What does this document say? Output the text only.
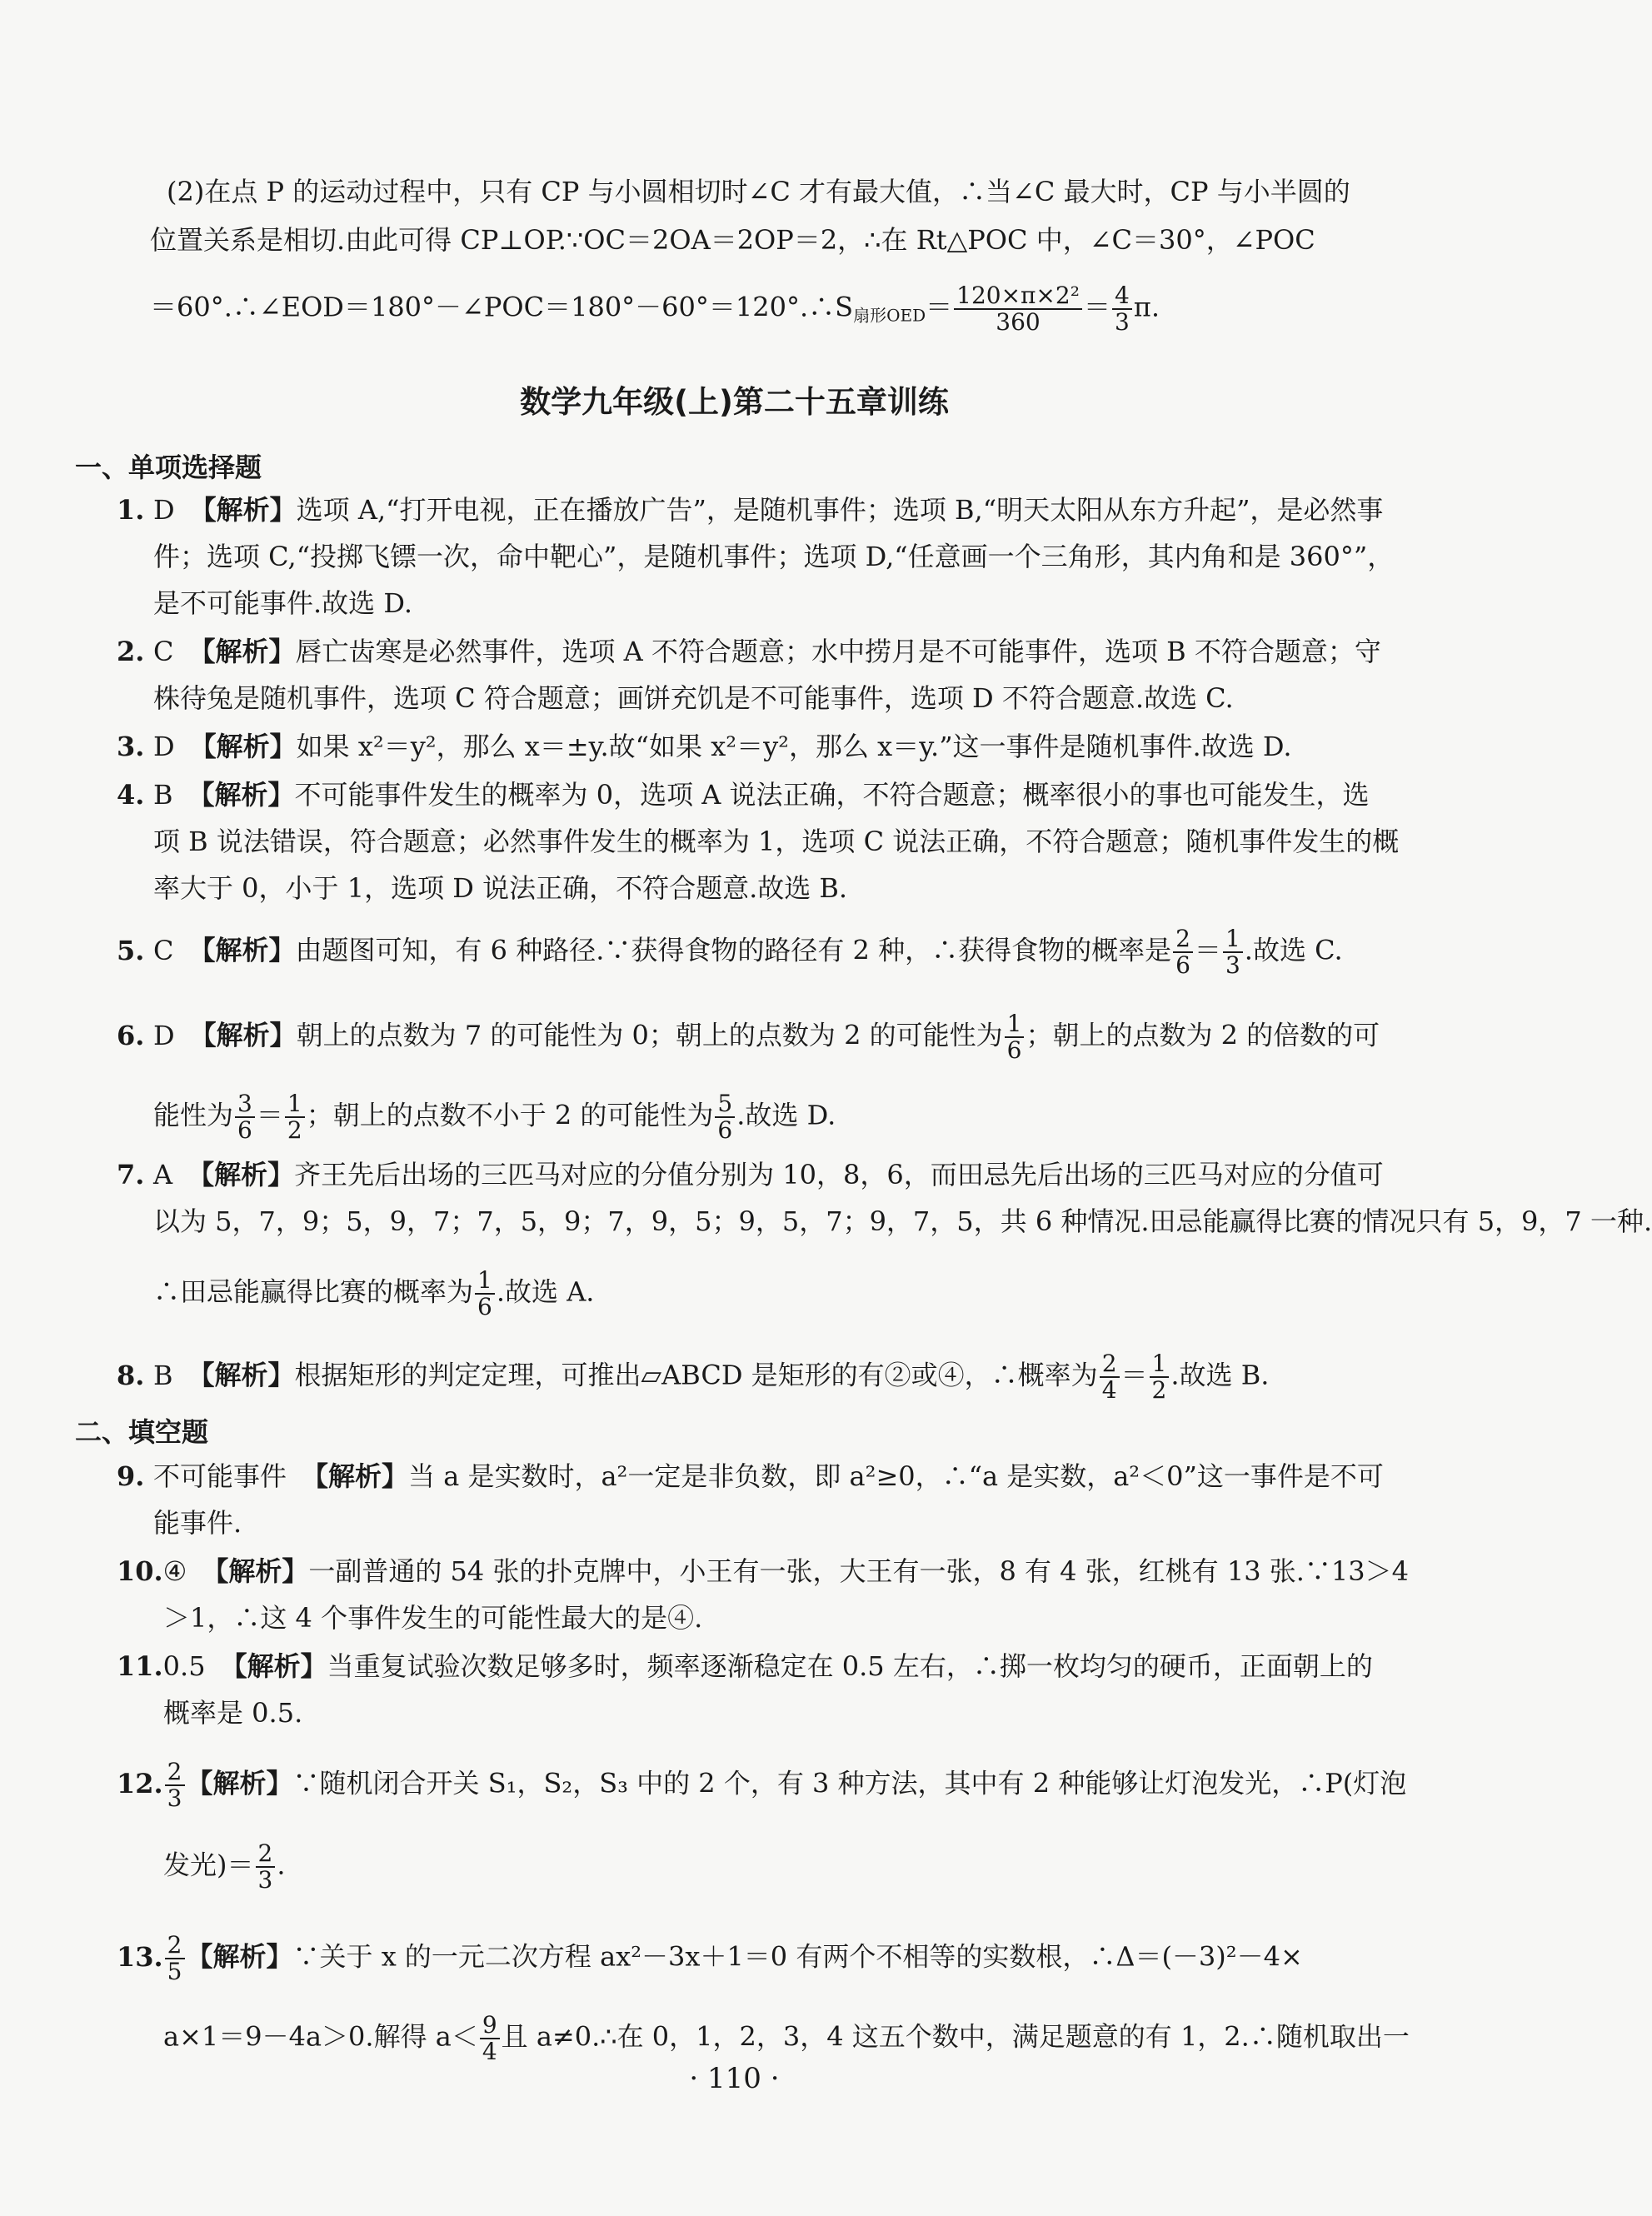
(2)在点 P 的运动过程中，只有 CP 与小圆相切时∠C 才有最大值，∴当∠C 最大时，CP 与小半圆的
位置关系是相切.由此可得 CP⊥OP.∵OC＝2OA＝2OP＝2，∴在 Rt△POC 中，∠C＝30°，∠POC
$=60^\circ.\therefore\angle EOD=180^\circ-\angle POC=180^\circ-60^\circ=120^\circ.\therefore S_{扇形OED}= \frac{\text{120×π×2²}}{360} = \frac{4}{3} \pi$.
数学九年级(上)第二十五章训练
一、单项选择题
1. D 【解析】选项 A,“打开电视，正在播放广告”，是随机事件；选项 B,“明天太阳从东方升起”，是必然事
件；选项 C,“投掷飞镖一次，命中靶心”，是随机事件；选项 D,“任意画一个三角形，其内角和是 360°”，
是不可能事件.故选 D.
2. C 【解析】唇亡齿寒是必然事件，选项 A 不符合题意；水中捞月是不可能事件，选项 B 不符合题意；守
株待兔是随机事件，选项 C 符合题意；画饼充饥是不可能事件，选项 D 不符合题意.故选 C.
3. D 【解析】如果 x²＝y²，那么 x＝±y.故“如果 x²＝y²，那么 x＝y.”这一事件是随机事件.故选 D.
4. B 【解析】不可能事件发生的概率为 0，选项 A 说法正确，不符合题意；概率很小的事也可能发生，选
项 B 说法错误，符合题意；必然事件发生的概率为 1，选项 C 说法正确，不符合题意；随机事件发生的概
率大于 0，小于 1，选项 D 说法正确，不符合题意.故选 B.
5. C 【解析】由题图可知，有 6 种路径.∵获得食物的路径有 2 种，∴获得食物的概率是 $\frac{2}{6} = \frac{1}{3}$ .故选 C.
6. D 【解析】朝上的点数为 7 的可能性为 0；朝上的点数为 2 的可能性为 $\frac{1}{6}$ ；朝上的点数为 2 的倍数的可
能性为 $\frac{3}{6} = \frac{1}{2}$ ；朝上的点数不小于 2 的可能性为 $\frac{5}{6}$ .故选 D.
7. A 【解析】齐王先后出场的三匹马对应的分值分别为 10，8，6，而田忌先后出场的三匹马对应的分值可
以为 5，7，9；5，9，7；7，5，9；7，9，5；9，5，7；9，7，5，共 6 种情况.田忌能赢得比赛的情况只有 5，9，7 一种.
∴田忌能赢得比赛的概率为 $\frac{1}{6}$ .故选 A.
8. B 【解析】根据矩形的判定定理，可推出▱ABCD 是矩形的有②或④，∴概率为 $\frac{2}{4} = \frac{1}{2}$ .故选 B.
二、填空题
9. 不可能事件 【解析】当 a 是实数时，a²一定是非负数，即 a²≥0，∴“a 是实数，a²＜0”这一事件是不可
能事件.
10.④ 【解析】一副普通的 54 张的扑克牌中，小王有一张，大王有一张，8 有 4 张，红桃有 13 张.∵13＞4
＞1，∴这 4 个事件发生的可能性最大的是④.
11.0.5 【解析】当重复试验次数足够多时，频率逐渐稳定在 0.5 左右，∴掷一枚均匀的硬币，正面朝上的
概率是 0.5.
12. $\frac{2}{3}$ 【解析】∵随机闭合开关 S₁，S₂，S₃ 中的 2 个，有 3 种方法，其中有 2 种能够让灯泡发光，∴P(灯泡
发光)＝ $\frac{2}{3}$ .
13. $\frac{2}{5}$ 【解析】∵关于 x 的一元二次方程 ax²－3x＋1＝0 有两个不相等的实数根，∴Δ＝(－3)²－4×
a×1＝9－4a＞0.解得 $a< \frac{9}{4}$ 且 a≠0.∴在 0，1，2，3，4 这五个数中，满足题意的有 1，2.∴随机取出一
· 110 ·
